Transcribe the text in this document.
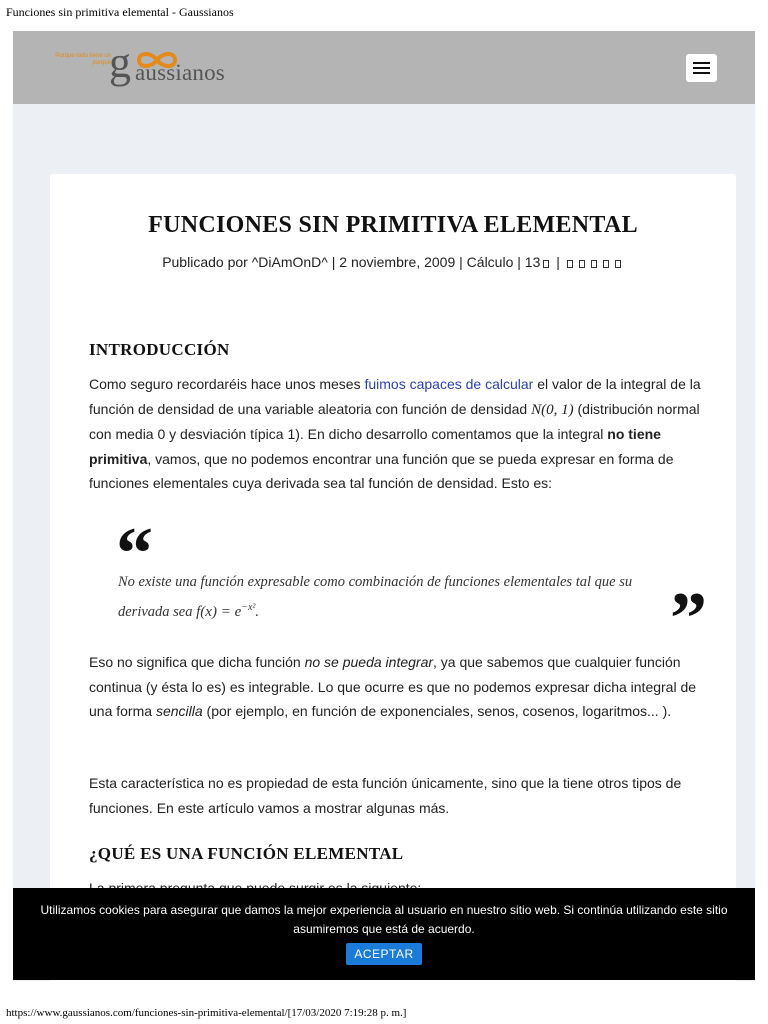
Funciones sin primitiva elemental - Gaussianos
Porque todo tiene un porqué
g aussianos
FUNCIONES SIN PRIMITIVA ELEMENTAL
Publicado por ^DiAmOnD^ | 2 noviembre, 2009 | Cálculo | 13 |
INTRODUCCIÓN

Como seguro recordaréis hace unos meses fuimos capaces de calcular el valor de la integral de la función de densidad de una variable aleatoria con función de densidad N(0, 1) (distribución normal con media 0 y desviación típica 1). En dicho desarrollo comentamos que la integral no tiene primitiva, vamos, que no podemos encontrar una función que se pueda expresar en forma de funciones elementales cuya derivada sea tal función de densidad. Esto es:

“

No existe una función expresable como combinación de funciones elementales tal que su derivada sea $f(x) = e^{-x^2}$.	”

Eso no significa que dicha función no se pueda integrar, ya que sabemos que cualquier función continua (y ésta lo es) es integrable. Lo que ocurre es que no podemos expresar dicha integral de una forma sencilla (por ejemplo, en función de exponenciales, senos, cosenos, logaritmos... ).

Esta característica no es propiedad de esta función únicamente, sino que la tiene otros tipos de funciones. En este artículo vamos a mostrar algunas más.

¿QUÉ ES UNA FUNCIÓN ELEMENTAL

Utilizamos cookies para asegurar que damos la mejor experiencia al usuario en nuestro sitio web. Si continúa utilizando este sitio asumiremos que está de acuerdo.
ACEPTAR
https://www.gaussianos.com/funciones-sin-primitiva-elemental/[17/03/2020 7:19:28 p. m.]
